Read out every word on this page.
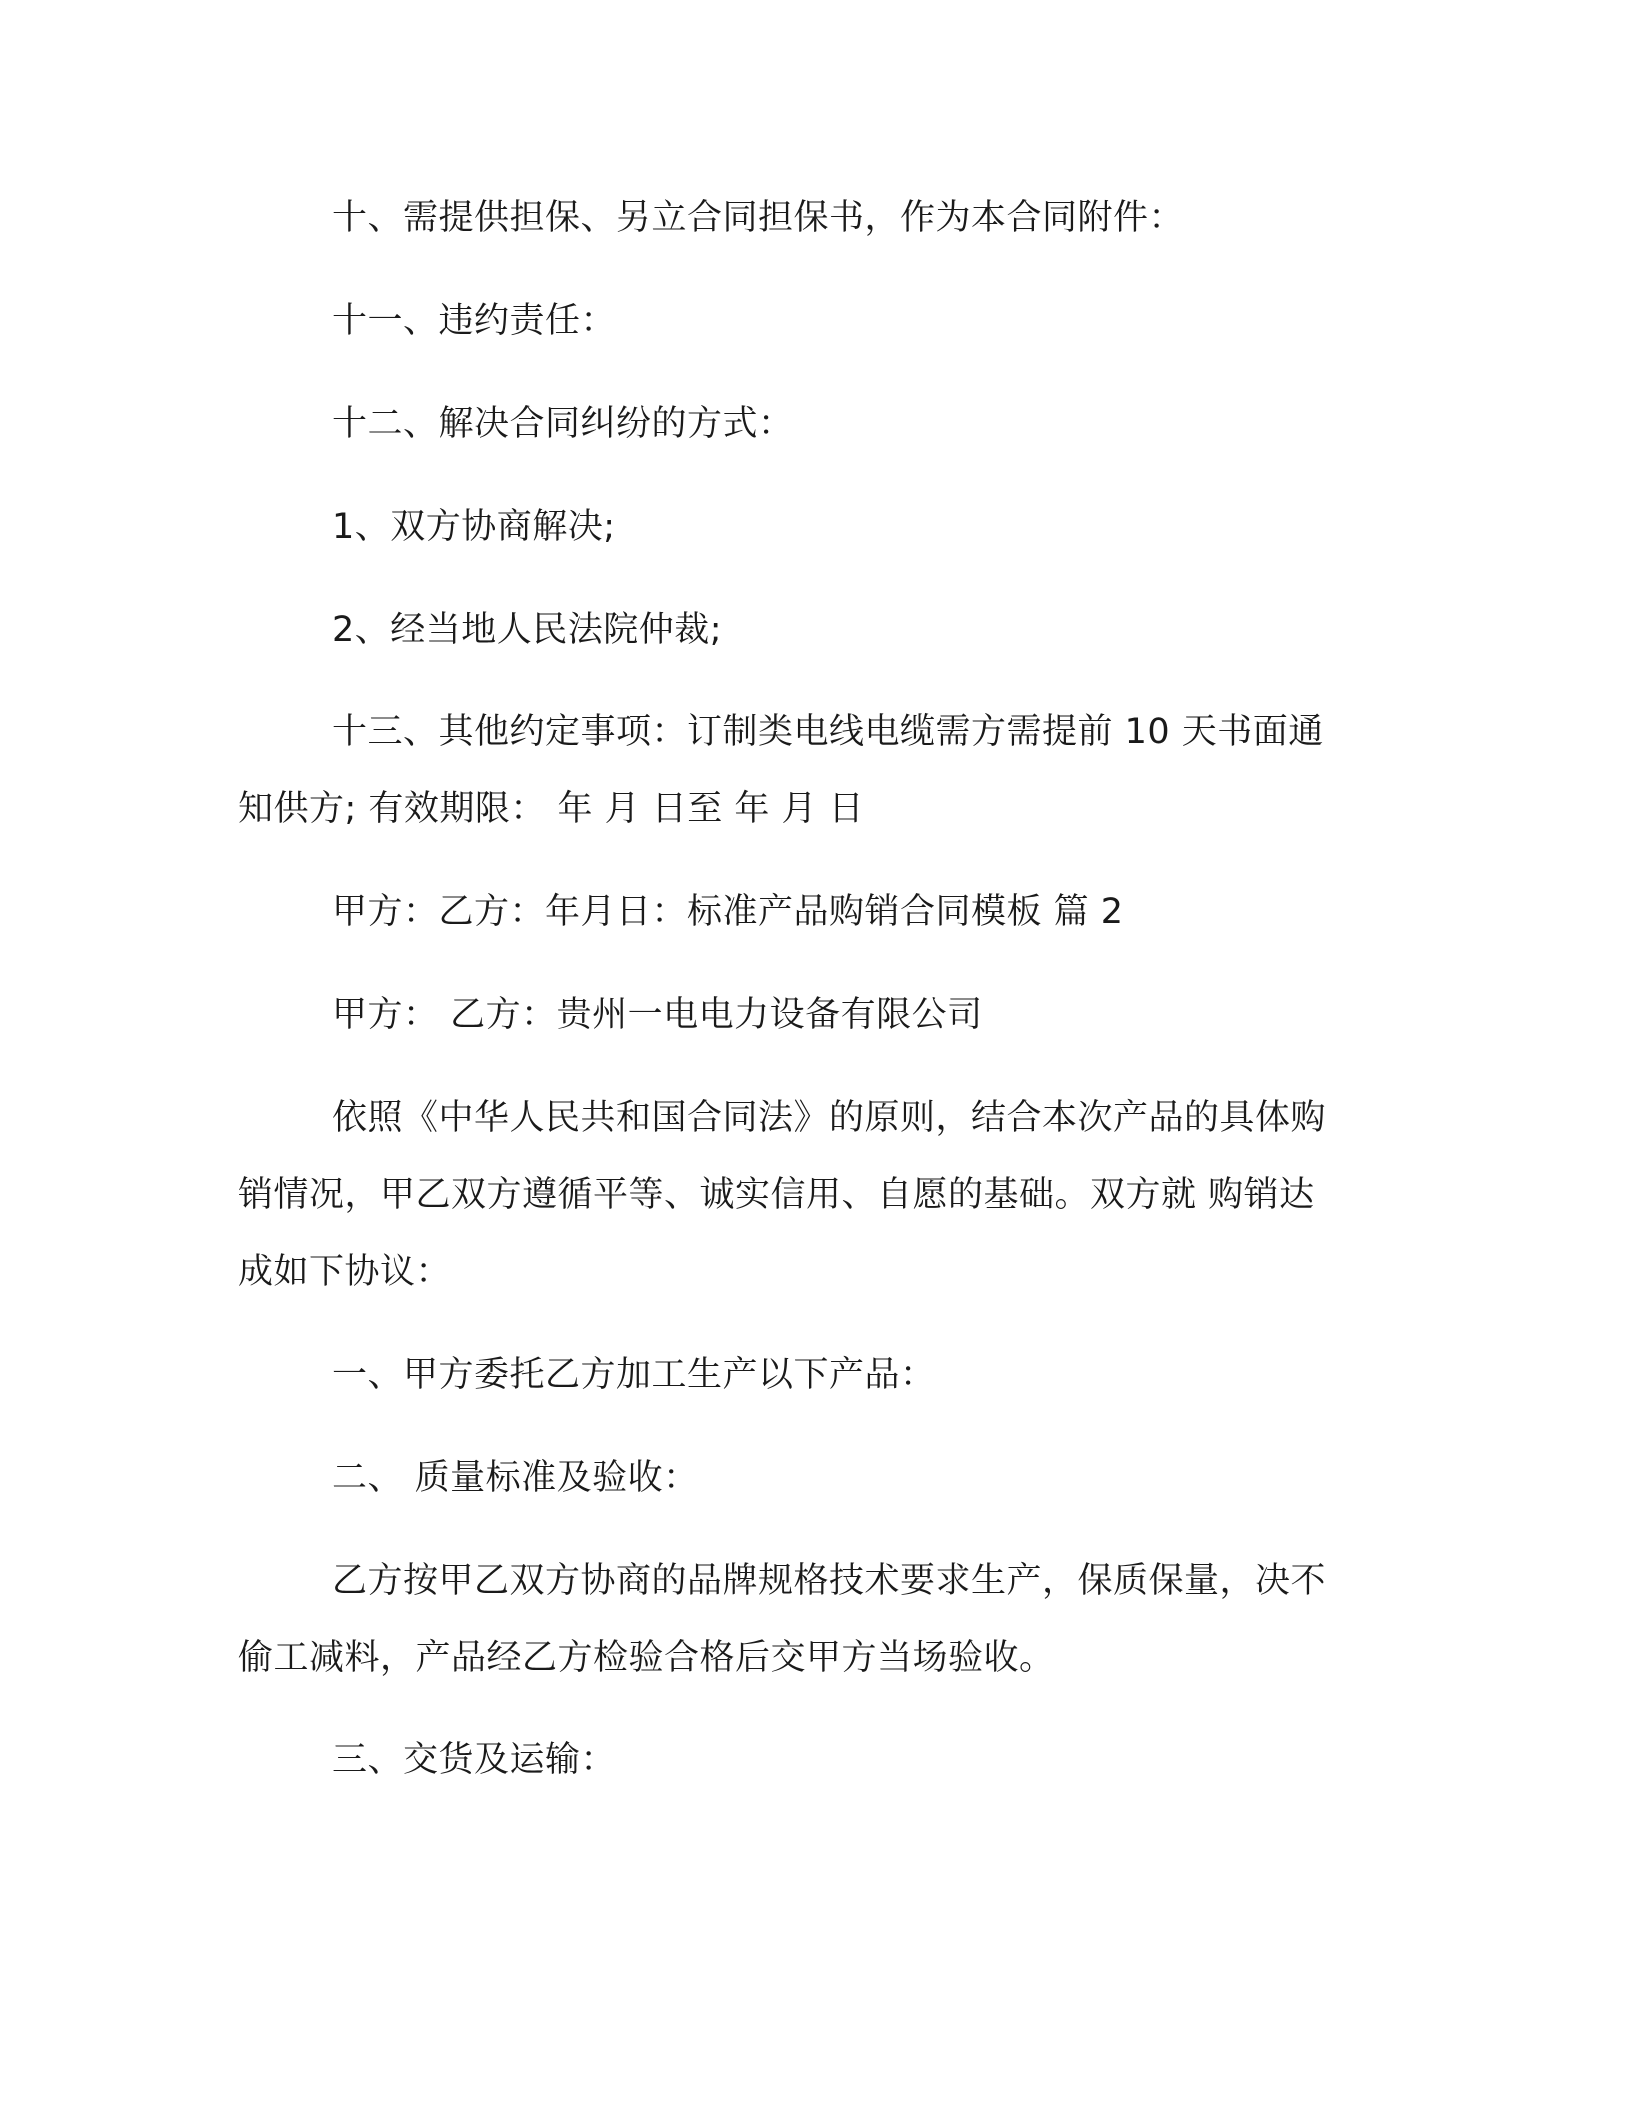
十、需提供担保、另立合同担保书，作为本合同附件：
十一、违约责任：
十二、解决合同纠纷的方式：
1、双方协商解决;
2、经当地人民法院仲裁;
十三、其他约定事项：订制类电线电缆需方需提前 10 天书面通
知供方; 有效期限： 年 月 日至 年 月 日
甲方：乙方：年月日：标准产品购销合同模板 篇 2
甲方： 乙方：贵州一电电力设备有限公司
依照《中华人民共和国合同法》的原则，结合本次产品的具体购
销情况，甲乙双方遵循平等、诚实信用、自愿的基础。双方就 购销达
成如下协议：
一、甲方委托乙方加工生产以下产品：
二、 质量标准及验收：
乙方按甲乙双方协商的品牌规格技术要求生产，保质保量，决不
偷工减料，产品经乙方检验合格后交甲方当场验收。
三、交货及运输：
